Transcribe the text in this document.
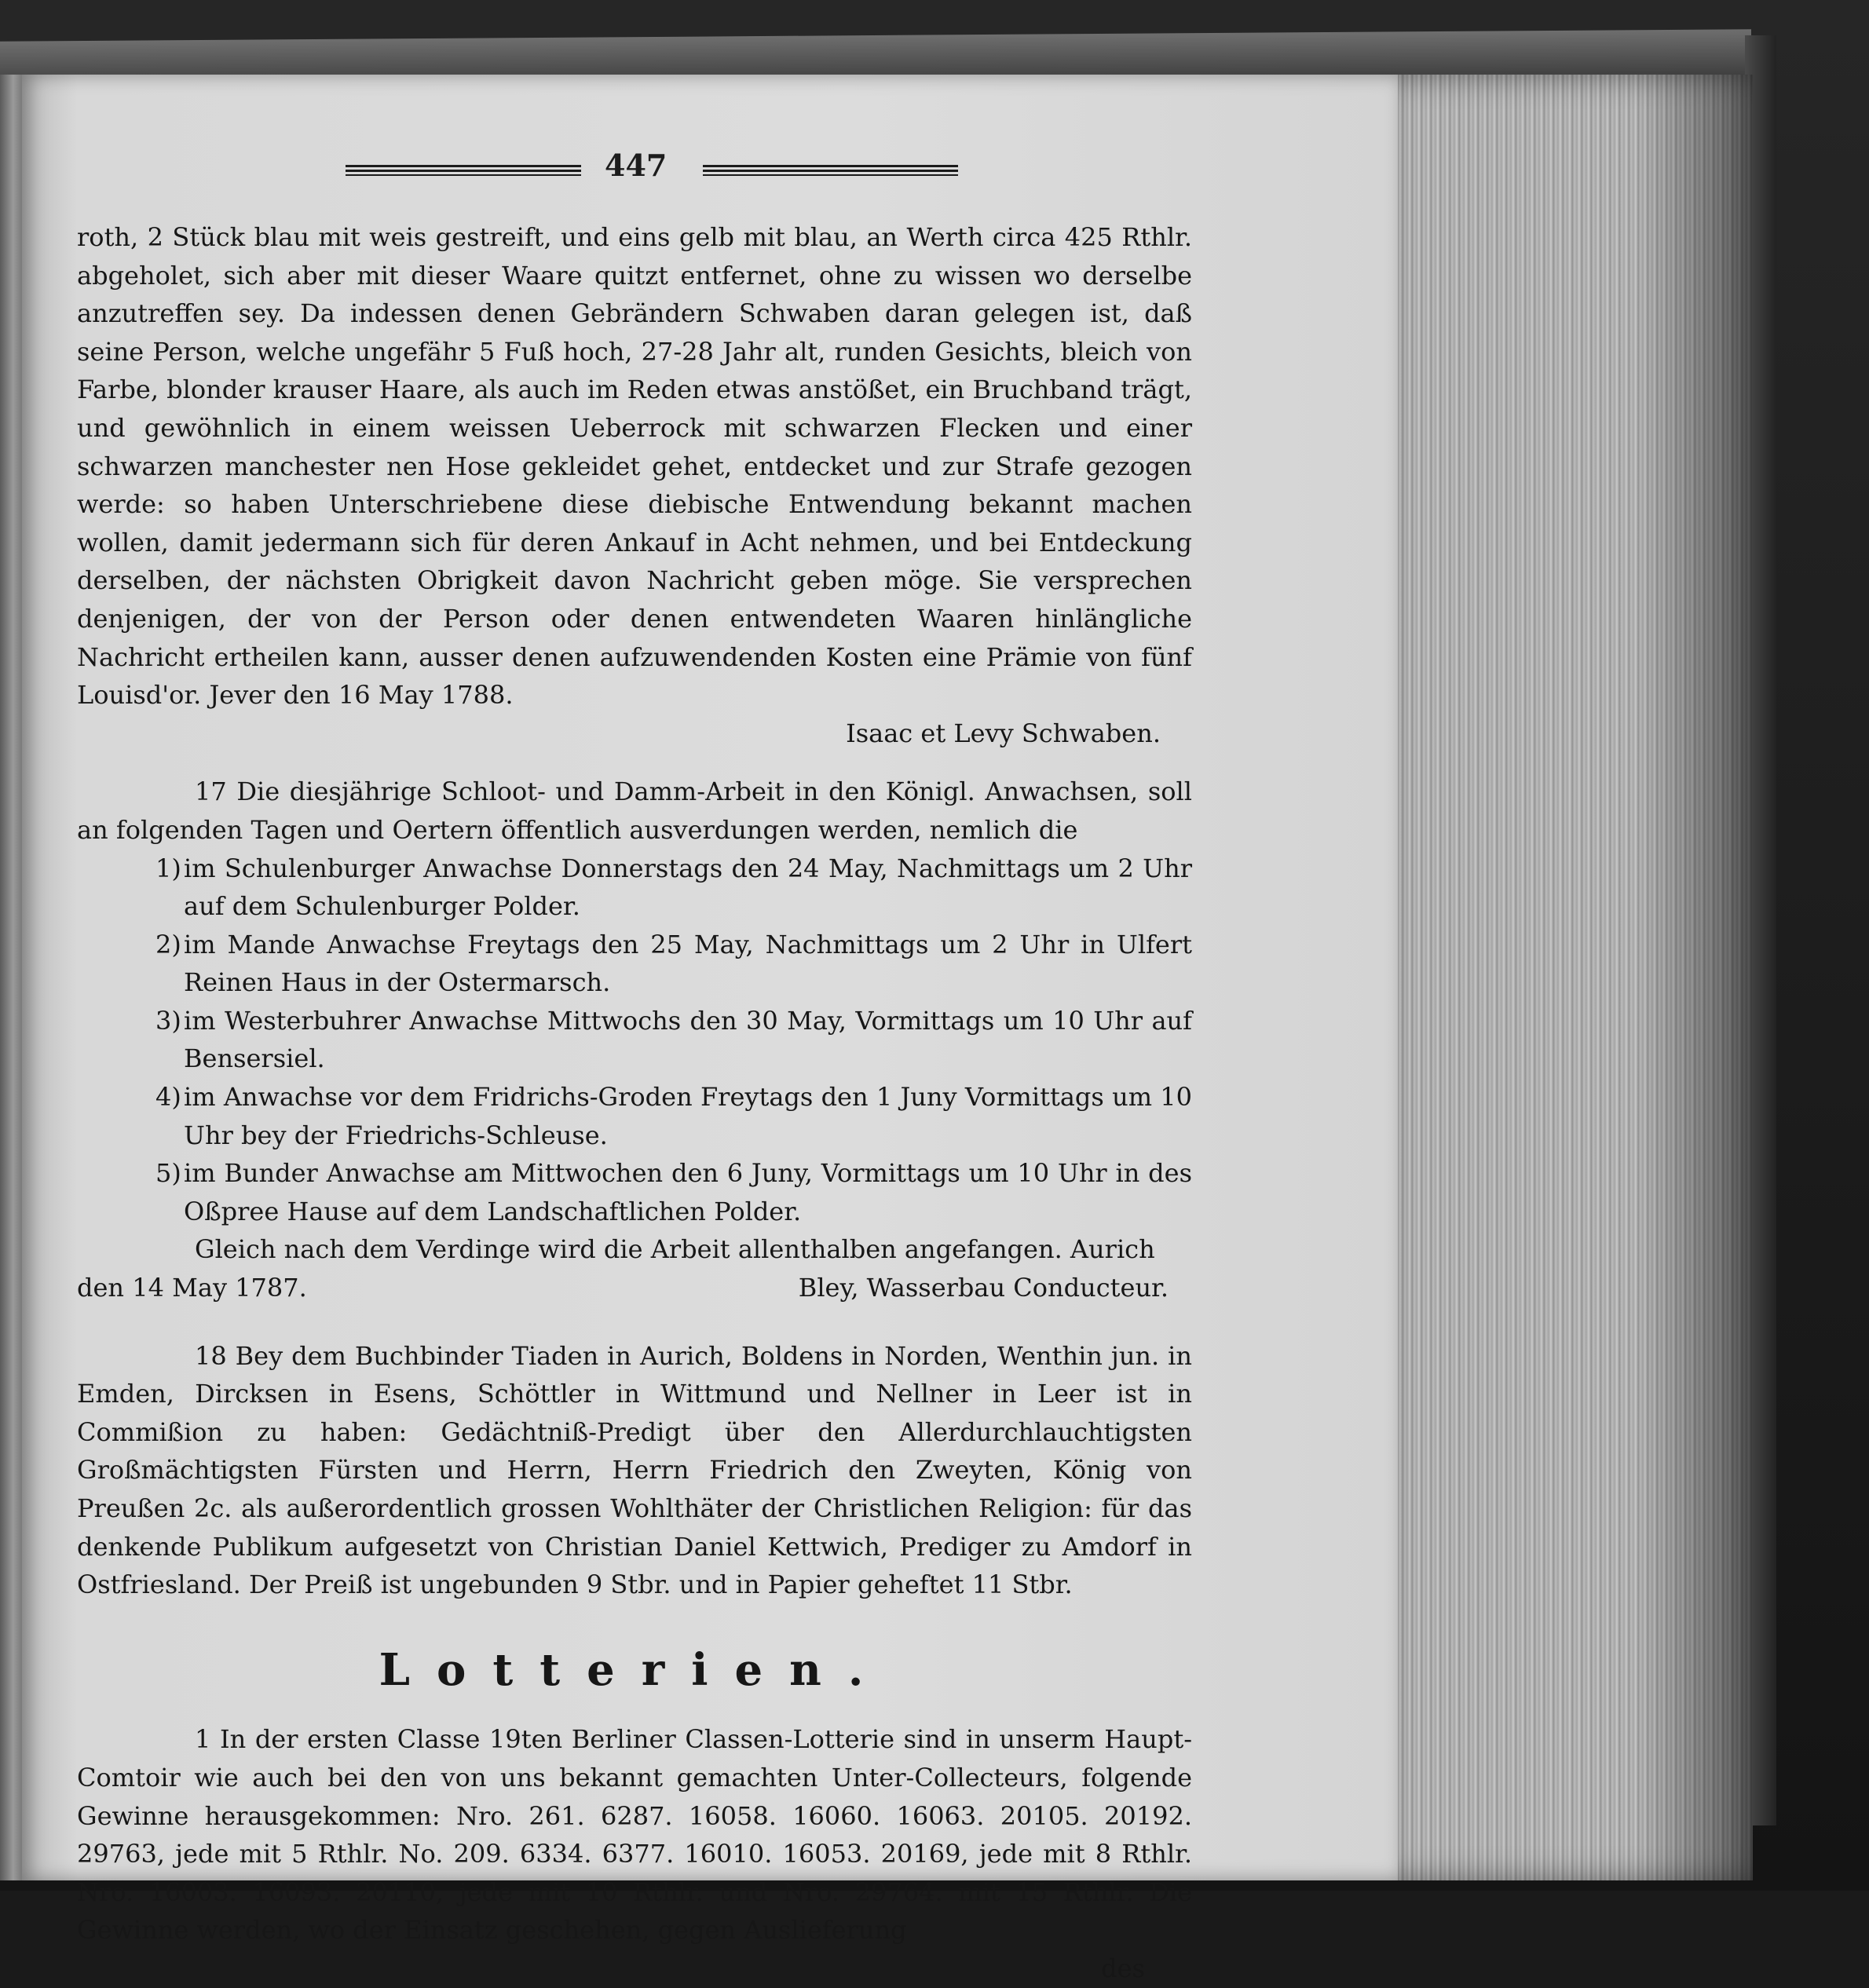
447

roth, 2 Stück blau mit weis gestreift, und eins gelb mit blau, an Werth circa 425 Rthlr. abgeholet, sich aber mit dieser Waare quitzt entfernet, ohne zu wissen wo derselbe anzutreffen sey. Da indessen denen Gebrändern Schwaben daran gelegen ist, daß seine Person, welche ungefähr 5 Fuß hoch, 27-28 Jahr alt, runden Gesichts, bleich von Farbe, blonder krauser Haare, als auch im Reden etwas anstößet, ein Bruchband trägt, und gewöhnlich in einem weissen Ueberrock mit schwarzen Flecken und einer schwarzen manchester nen Hose gekleidet gehet, entdecket und zur Strafe gezogen werde: so haben Unterschriebene diese diebische Entwendung bekannt machen wollen, damit jedermann sich für deren Ankauf in Acht nehmen, und bei Entdeckung derselben, der nächsten Obrigkeit davon Nachricht geben möge. Sie versprechen denjenigen, der von der Person oder denen entwendeten Waaren hinlängliche Nachricht ertheilen kann, ausser denen aufzuwendenden Kosten eine Prämie von fünf Louisd'or. Jever den 16 May 1788.

Isaac et Levy Schwaben.

17 Die diesjährige Schloot- und Damm-Arbeit in den Königl. Anwachsen, soll an folgenden Tagen und Oertern öffentlich ausverdungen werden, nemlich die

1) im Schulenburger Anwachse Donnerstags den 24 May, Nachmittags um 2 Uhr auf dem Schulenburger Polder.
2) im Mande Anwachse Freytags den 25 May, Nachmittags um 2 Uhr in Ulfert Reinen Haus in der Ostermarsch.
3) im Westerbuhrer Anwachse Mittwochs den 30 May, Vormittags um 10 Uhr auf Bensersiel.
4) im Anwachse vor dem Fridrichs-Groden Freytags den 1 Juny Vormittags um 10 Uhr bey der Friedrichs-Schleuse.
5) im Bunder Anwachse am Mittwochen den 6 Juny, Vormittags um 10 Uhr in des Oßpree Hause auf dem Landschaftlichen Polder.

Gleich nach dem Verdinge wird die Arbeit allenthalben angefangen. Aurich

den 14 May 1787.	Bley, Wasserbau Conducteur.

18 Bey dem Buchbinder Tiaden in Aurich, Boldens in Norden, Wenthin jun. in Emden, Dircksen in Esens, Schöttler in Wittmund und Nellner in Leer ist in Commißion zu haben: Gedächtniß-Predigt über den Allerdurchlauchtigsten Großmächtigsten Fürsten und Herrn, Herrn Friedrich den Zweyten, König von Preußen 2c. als außerordentlich grossen Wohlthäter der Christlichen Religion: für das denkende Publikum aufgesetzt von Christian Daniel Kettwich, Prediger zu Amdorf in Ostfriesland. Der Preiß ist ungebunden 9 Stbr. und in Papier geheftet 11 Stbr.

Lotterien.

1 In der ersten Classe 19ten Berliner Classen-Lotterie sind in unserm Haupt-Comtoir wie auch bei den von uns bekannt gemachten Unter-Collecteurs, folgende Gewinne herausgekommen: Nro. 261. 6287. 16058. 16060. 16063. 20105. 20192. 29763, jede mit 5 Rthlr. No. 209. 6334. 6377. 16010. 16053. 20169, jede mit 8 Rthlr. Nro. 16003. 16093. 20110, jede mit 10 Rthlr. und Nro. 29764. mit 15 Rthlr. Die Gewinne werden, wo der Einsatz geschehen, gegen Auslieferung

des
